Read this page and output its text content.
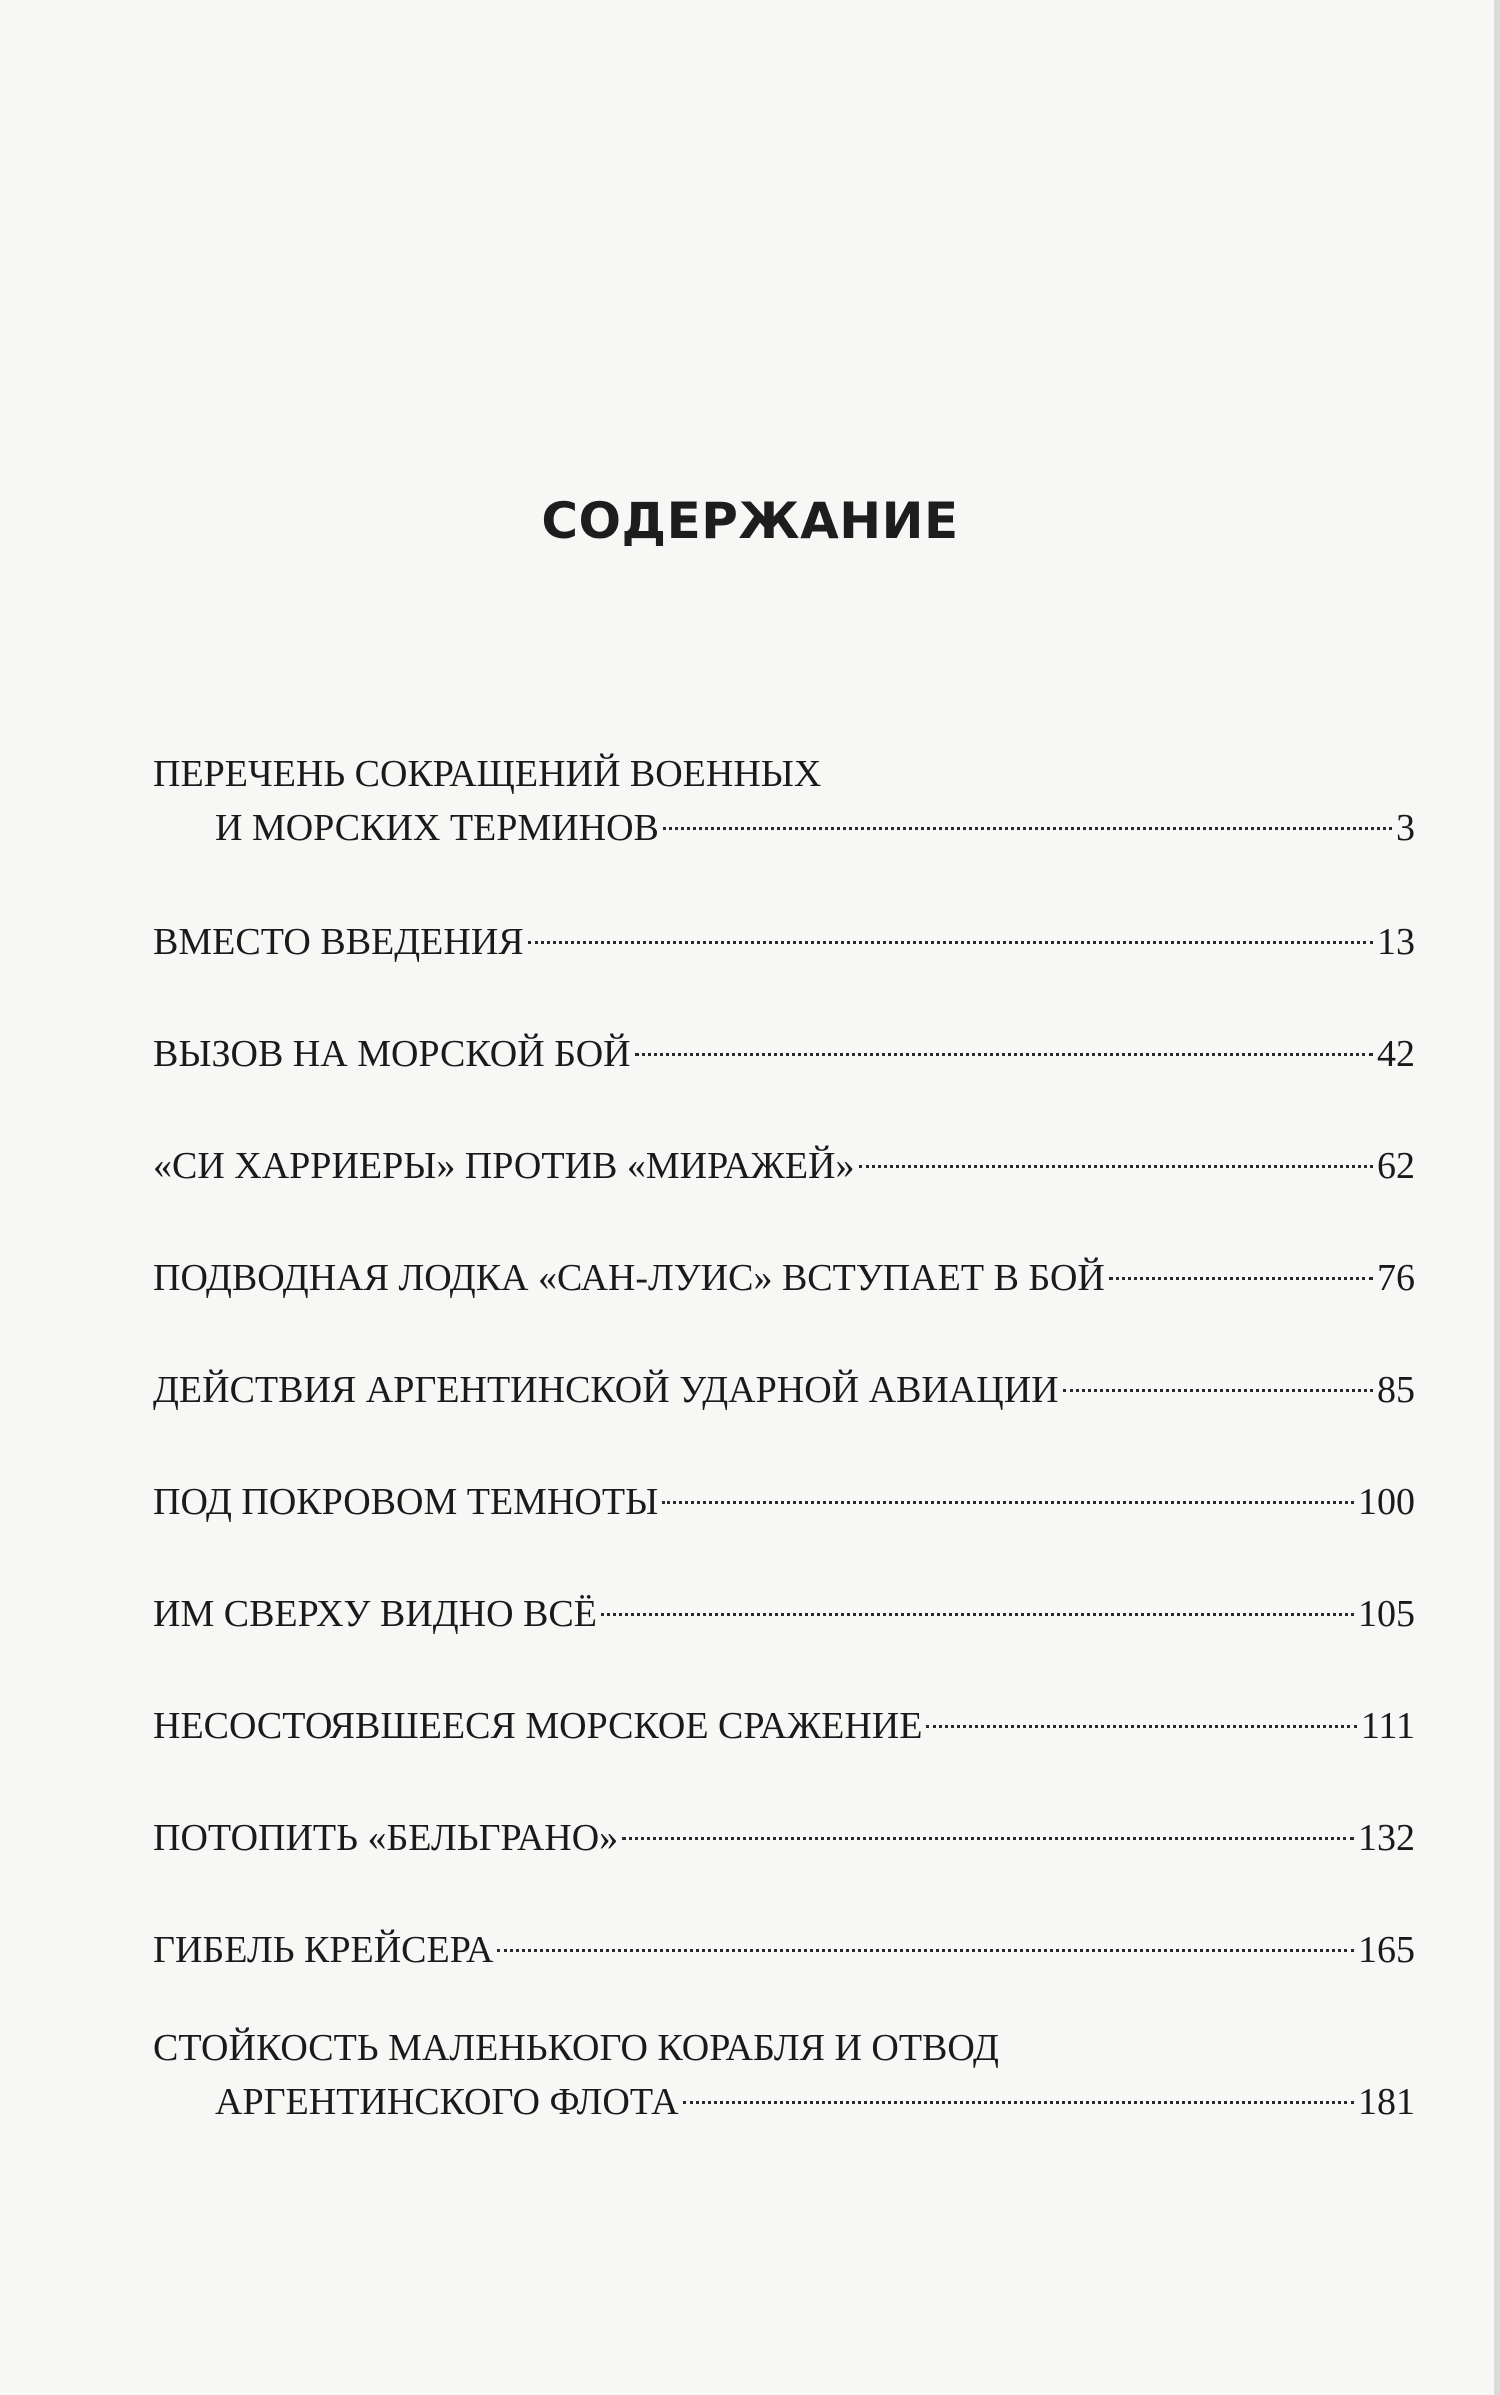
СОДЕРЖАНИЕ
ПЕРЕЧЕНЬ СОКРАЩЕНИЙ ВОЕННЫХ
И МОРСКИХ ТЕРМИНОВ	3
ВМЕСТО ВВЕДЕНИЯ	13
ВЫЗОВ НА МОРСКОЙ БОЙ	42
«СИ ХАРРИЕРЫ» ПРОТИВ «МИРАЖЕЙ»	62
ПОДВОДНАЯ ЛОДКА «САН-ЛУИС» ВСТУПАЕТ В БОЙ	76
ДЕЙСТВИЯ АРГЕНТИНСКОЙ УДАРНОЙ АВИАЦИИ	85
ПОД ПОКРОВОМ ТЕМНОТЫ	100
ИМ СВЕРХУ ВИДНО ВСЁ	105
НЕСОСТОЯВШЕЕСЯ МОРСКОЕ СРАЖЕНИЕ	111
ПОТОПИТЬ «БЕЛЬГРАНО»	132
ГИБЕЛЬ КРЕЙСЕРА	165
СТОЙКОСТЬ МАЛЕНЬКОГО КОРАБЛЯ И ОТВОД
АРГЕНТИНСКОГО ФЛОТА	181
